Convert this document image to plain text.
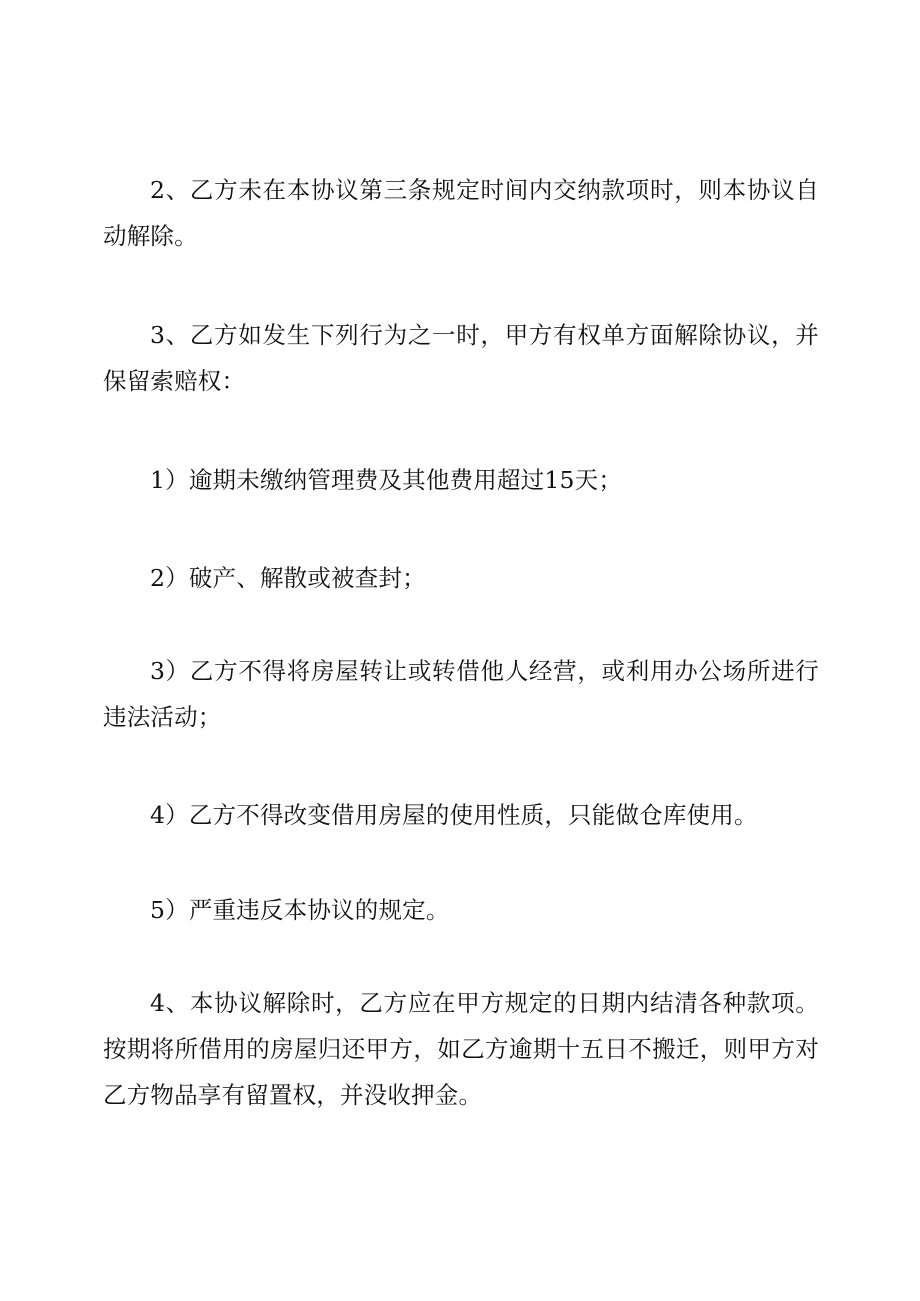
2、乙方未在本协议第三条规定时间内交纳款项时，则本协议自动解除。

3、乙方如发生下列行为之一时，甲方有权单方面解除协议，并保留索赔权：

1）逾期未缴纳管理费及其他费用超过15天；

2）破产、解散或被查封；

3）乙方不得将房屋转让或转借他人经营，或利用办公场所进行违法活动；

4）乙方不得改变借用房屋的使用性质，只能做仓库使用。

5）严重违反本协议的规定。

4、本协议解除时，乙方应在甲方规定的日期内结清各种款项。按期将所借用的房屋归还甲方，如乙方逾期十五日不搬迁，则甲方对乙方物品享有留置权，并没收押金。
